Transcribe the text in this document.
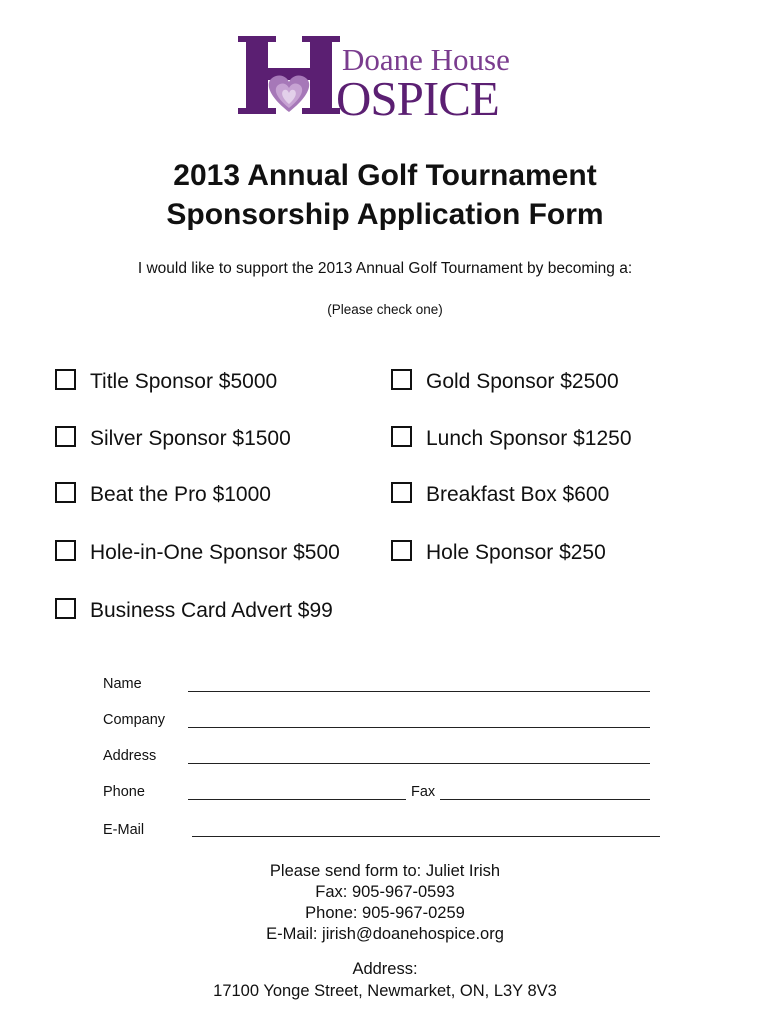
Doane House
OSPICE
2013 Annual Golf Tournament
Sponsorship Application Form
I would like to support the 2013 Annual Golf Tournament by becoming a:
(Please check one)
Title Sponsor $5000	Gold Sponsor $2500
Silver Sponsor $1500	Lunch Sponsor $1250
Beat the Pro $1000	Breakfast Box $600
Hole-in-One Sponsor $500	Hole Sponsor $250
Business Card Advert $99
Name
Company
Address
Phone	Fax
E-Mail
Please send form to: Juliet Irish
Fax: 905-967-0593
Phone: 905-967-0259
E-Mail: jirish@doanehospice.org
Address:
17100 Yonge Street, Newmarket, ON, L3Y 8V3
